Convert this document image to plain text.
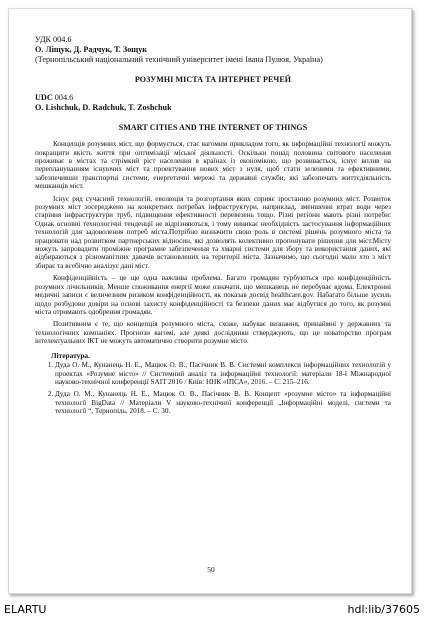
УДК 004.6

О. Ліщук, Д. Радчук, Т. Зощук

(Тернопільський національний технічний університет імені Івана Пулюя, Україна)

РОЗУМНІ МІСТА ТА ІНТЕРНЕТ РЕЧЕЙ

UDC 004.6

O. Lishchuk, D. Radchuk, T. Zoshchuk

SMART CITIES AND THE INTERNET OF THINGS

Концепція розумних міст, що формується, стає вагомим прикладом того, як інформаційні технології можуть покращити якість життя при оптимізації міської діяльності. Оскільки понад половина світового населення проживає в містах та стрімкий ріст населення в країнах із економікою, що розвивається, існує вплив на переплануванням існуючих міст та проектування нових міст з нуля, щоб стати зеленими та ефективними, забезпечивши транспортні системи, енергетичні мережі та державні служби, які забезпечать життєдіяльність мешканців міст.

Існує ряд сучасний технологій, еволюція та розгортання яких сприяє зростанню розумних міст. Розвиток розумних міст зосереджено на конкретних потребах інфраструктури, наприклад, зменшенні втрат води через старіння інфраструктури труб, підвищення ефективності перевезень тощо. Різні регіони мають різні потреби: Однак основні технологічні тенденції не відрізняються, і тому виникає необхідність застосування інформаційних технологій для задоволення потреб міста.Потрібно визначити свою роль в системі рішень розумного міста та працювати над розвитком партнерських відносин, які дозволять колективно пропонувати рішення для міст.Місту можуть запровадити проміжне програмне забезпечення та хмарні системи для збору та використання даних, які відбираються з різноманітних давачів встановлених на території міста. Зазначимо, що сьогодні мало хто з міст збирає та всебічно аналізує дані міст.

Конфіденційність – це ще одна важлива проблема. Багато громадян турбуються про конфіденційність розумних лічильників. Менше споживання енергії може означати, що мешканець не перебуває вдома. Електронні медичні записи є величезним ризиком конфіденційності, як показав досвід healthcare.gov. Набагато більше зусиль щодо розбудови довіри на основі захисту конфіденційності та безпеки даних має відбутися до того, як розумні міста отримають одобрення громадян.

Позитивним є те, що концепція розумного міста, схоже, набуває визнання, принаймні у державних та технологічних компаніях. Прогнози вагомі, але деякі дослідники стверджують, що це новаторство програм інтелектуальних ІКТ не можуть автоматично створити розумне місто.

Література.

1. Дуда О. М., Кунанець Н. Е., Мацюк О. В., Пасічник В. В. Системні комплекси інформаційних технологій у проектах «Розумне місто» // Системний аналіз та інформаційні технології: матеріали 18-ї Міжнародної науково-технічної конференції SAIT 2016 / Київ: ННК «ІПСА», 2016. – С. 215–216.
2. Дуда О. М., Кунанець Н. Е., Мацюк О. В., Пасічник В. В. Концепт «розумне місто» та інформаційні технології BigData // Матеріали V науково-технічної конференції „Інформаційні моделі, системи та технології “, Тернопіль, 2018. – С. 30.
50
ELARTU	hdl:lib/37605
